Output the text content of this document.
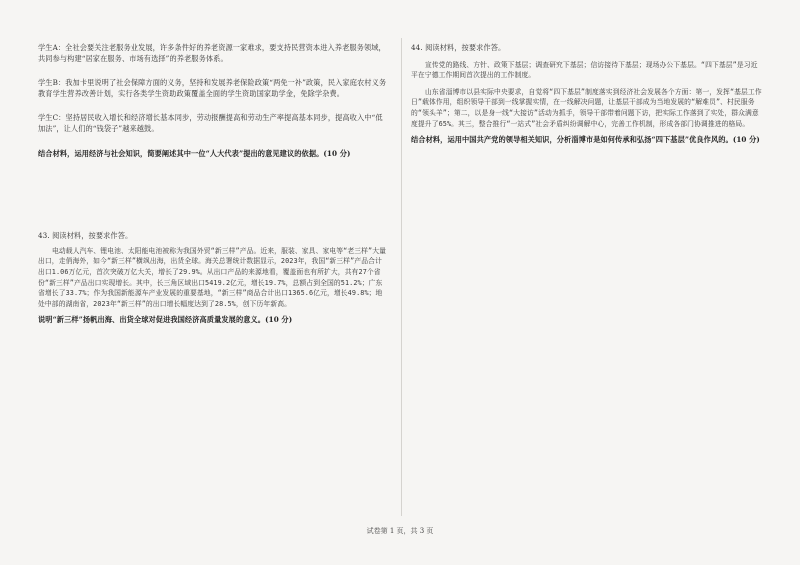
学生A：全社会要关注老服务业发展，许多条件好的养老资源一家难求，要支持民营资本进入养老服务领域，共同参与构建“居家在服务、市场有选择”的养老服务体系。

学生B：我加卡里说明了社会保障方面的义务，坚持和发展养老保险政策“两免一补”政策，民入家庭农村义务教育学生营养改善计划，实行各类学生资助政策覆盖全面的学生资助国家助学金，免除学杂费。

学生C：坚持居民收入增长和经济增长基本同步，劳动报酬提高和劳动生产率提高基本同步，提高收入中“低加法”，让人们的“钱袋子”越来越鼓。

结合材料，运用经济与社会知识，简要阐述其中一位“人大代表”提出的意见建议的依据。(10 分)

43. 阅读材料，按要求作答。

电动载人汽车、锂电池、太阳能电池被称为我国外贸“新三样”产品。近来，服装、家具、家电等“老三样”大量出口，走俏海外，如今“新三样”横飒出海，出货全球。海关总署统计数据显示，2023年，我国“新三样”产品合计出口1.06万亿元，首次突破万亿大关，增长了29.9%。从出口产品的来源地看，覆盖面也有所扩大，共有27个省份“新三样”产品出口实现增长。其中，长三角区域出口5419.2亿元，增长19.7%，总额占到全国的51.2%；广东省增长了33.7%；作为我国新能源车产业发展的重要基地，“新三样”商品合计出口1365.6亿元，增长49.8%；地处中部的湖南省，2023年“新三样”的出口增长幅度达到了28.5%，创下历年新高。

说明“新三样”扬帆出海、出货全球对促进我国经济高质量发展的意义。(10 分)

44. 阅读材料，按要求作答。

宣传党的路线、方针、政策下基层；调查研究下基层；信访接待下基层；现场办公下基层。“四下基层”是习近平在宁德工作期间首次提出的工作制度。

山东省淄博市以县实际中央要求，自觉将“四下基层”制度落实到经济社会发展各个方面：第一，发挥“基层工作日”载体作用，组织领导干部到一线掌握实情，在一线解决问题，让基层干部成为当地发展的“解难员”、村民服务的“领头羊”；第二，以是身一线“大接访”活动为抓手，领导干部带着问题下访，把实际工作落到了实处，群众满意度提升了65%。其三，整合推行“一站式”社会矛盾纠纷调解中心，完善工作机制，形成各部门协调推进的格局。

结合材料，运用中国共产党的领导相关知识，分析淄博市是如何传承和弘扬“四下基层”优良作风的。(10 分)

试卷第 1 页，共 3 页
